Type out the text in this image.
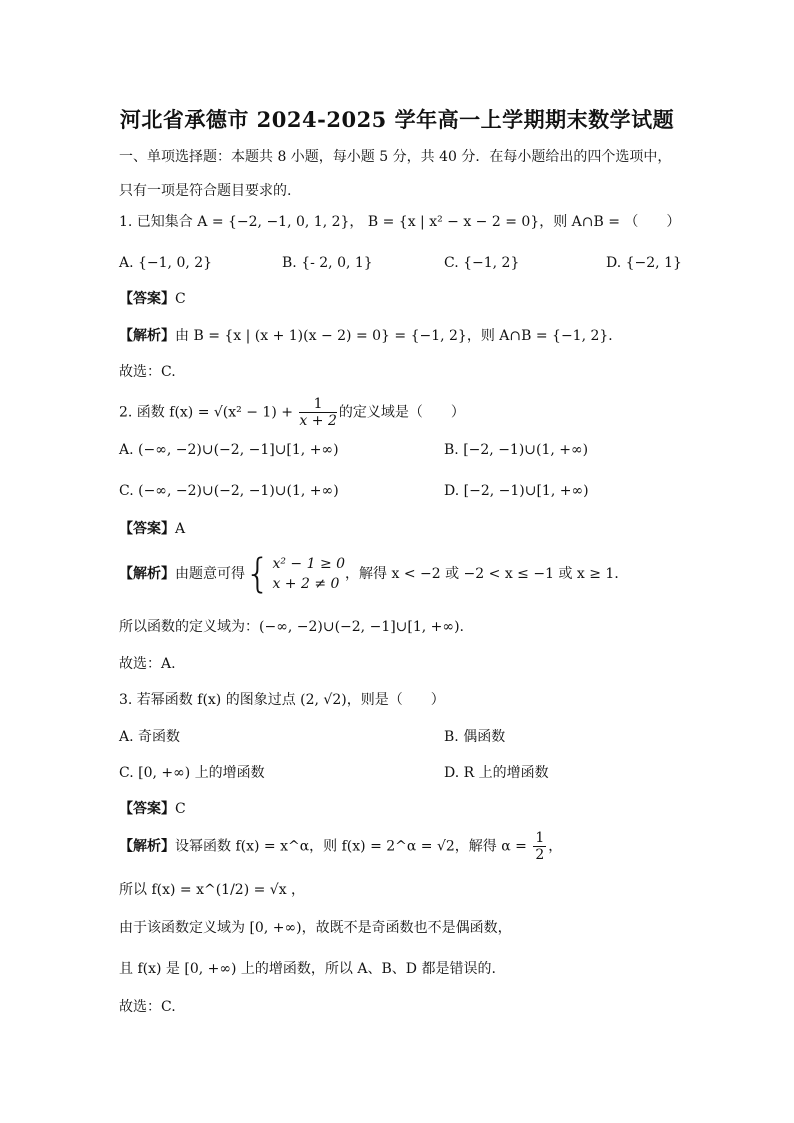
河北省承德市 2024-2025 学年高一上学期期末数学试题
一、单项选择题：本题共 8 小题，每小题 5 分，共 40 分．在每小题给出的四个选项中，只有一项是符合题目要求的.
1. 已知集合 A = {−2, −1, 0, 1, 2}， B = {x | x² − x − 2 = 0}，则 A∩B = （　　）
A. {−1, 0, 2}	B. {- 2, 0, 1}	C. {−1, 2}	D. {−2, 1}
【答案】C
【解析】由 B = {x | (x + 1)(x − 2) = 0} = {−1, 2}，则 A∩B = {−1, 2}．
故选：C.
2. 函数 $f(x) = √(x^2 - 1) + \frac{1}{x + 2}$ 的定义域是（　　）
A. (−∞, −2)∪(−2, −1]∪[1, +∞)	B. [−2, −1)∪(1, +∞)
C. (−∞, −2)∪(−2, −1)∪(1, +∞)	D. [−2, −1)∪[1, +∞)
【答案】A
【解析】由题意可得 { x² − 1 ≥ 0
x + 2 ≠ 0
，解得 x < −2 或 −2 < x ≤ −1 或 x ≥ 1．
所以函数的定义域为：(−∞, −2)∪(−2, −1]∪[1, +∞).
故选：A.
3. 若幂函数 f(x) 的图象过点 (2, √2)，则是（　　）
A. 奇函数	B. 偶函数
C. [0, +∞) 上的增函数	D. R 上的增函数
【答案】C
【解析】设幂函数 f(x) = x^α，则 f(x) = 2^α = √2，解得 $\alpha = \frac{1}{2}$ ，
所以 f(x) = x^(1/2) = √x ，
由于该函数定义域为 [0, +∞)，故既不是奇函数也不是偶函数，
且 f(x) 是 [0, +∞) 上的增函数，所以 A、B、D 都是错误的.
故选：C.
